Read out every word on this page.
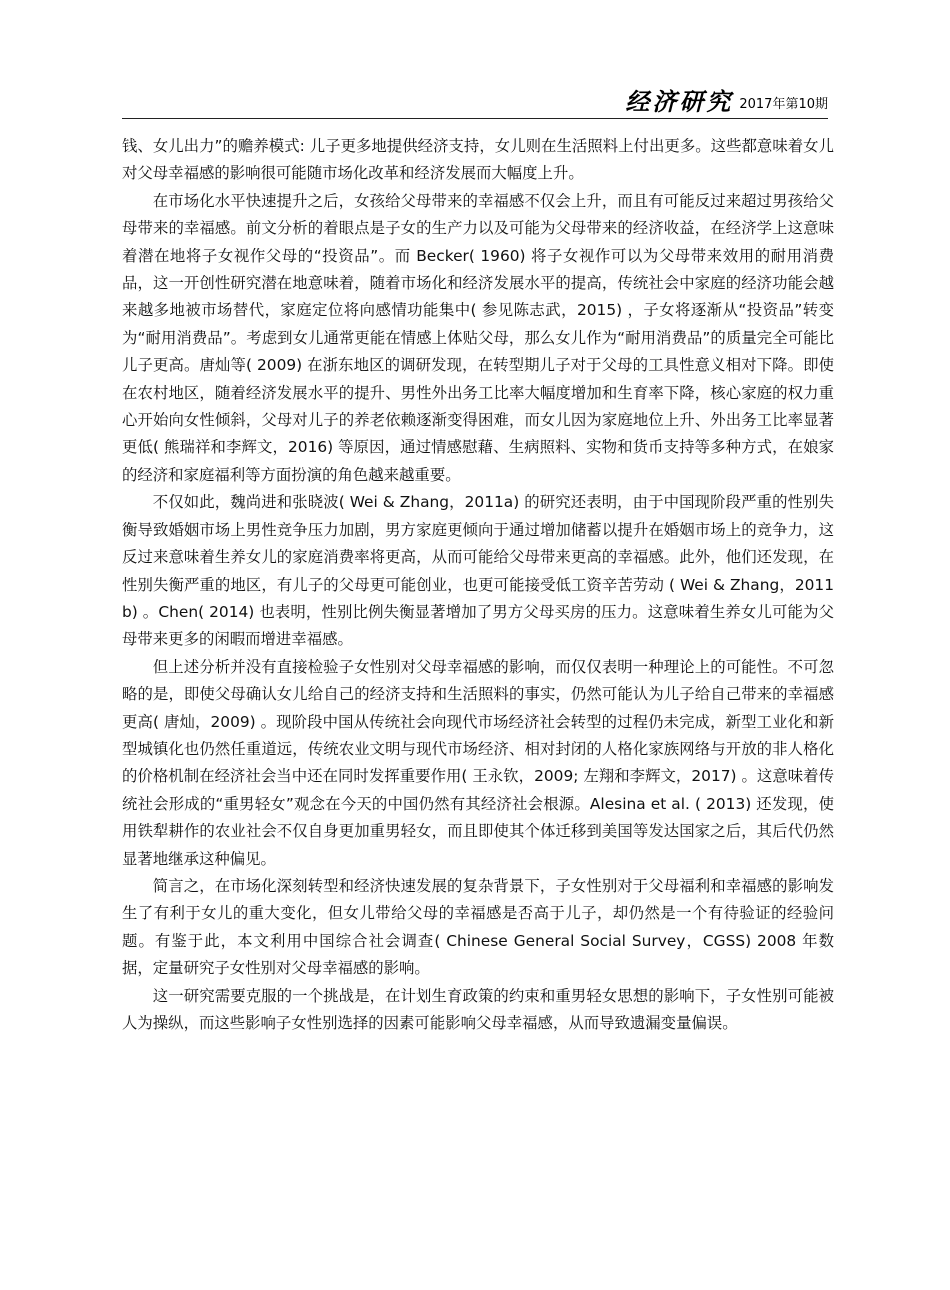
经济研究 2017年第10期

钱、女儿出力”的赡养模式: 儿子更多地提供经济支持，女儿则在生活照料上付出更多。这些都意味着女儿对父母幸福感的影响很可能随市场化改革和经济发展而大幅度上升。

在市场化水平快速提升之后，女孩给父母带来的幸福感不仅会上升，而且有可能反过来超过男孩给父母带来的幸福感。前文分析的着眼点是子女的生产力以及可能为父母带来的经济收益，在经济学上这意味着潜在地将子女视作父母的“投资品”。而 Becker( 1960) 将子女视作可以为父母带来效用的耐用消费品，这一开创性研究潜在地意味着，随着市场化和经济发展水平的提高，传统社会中家庭的经济功能会越来越多地被市场替代，家庭定位将向感情功能集中( 参见陈志武，2015) ，子女将逐渐从“投资品”转变为“耐用消费品”。考虑到女儿通常更能在情感上体贴父母，那么女儿作为“耐用消费品”的质量完全可能比儿子更高。唐灿等( 2009) 在浙东地区的调研发现，在转型期儿子对于父母的工具性意义相对下降。即使在农村地区，随着经济发展水平的提升、男性外出务工比率大幅度增加和生育率下降，核心家庭的权力重心开始向女性倾斜，父母对儿子的养老依赖逐渐变得困难，而女儿因为家庭地位上升、外出务工比率显著更低( 熊瑞祥和李辉文，2016) 等原因，通过情感慰藉、生病照料、实物和货币支持等多种方式，在娘家的经济和家庭福利等方面扮演的角色越来越重要。

不仅如此，魏尚进和张晓波( Wei & Zhang，2011a) 的研究还表明，由于中国现阶段严重的性别失衡导致婚姻市场上男性竞争压力加剧，男方家庭更倾向于通过增加储蓄以提升在婚姻市场上的竞争力，这反过来意味着生养女儿的家庭消费率将更高，从而可能给父母带来更高的幸福感。此外，他们还发现，在性别失衡严重的地区，有儿子的父母更可能创业，也更可能接受低工资辛苦劳动 ( Wei & Zhang，2011b) 。Chen( 2014) 也表明，性别比例失衡显著增加了男方父母买房的压力。这意味着生养女儿可能为父母带来更多的闲暇而增进幸福感。

但上述分析并没有直接检验子女性别对父母幸福感的影响，而仅仅表明一种理论上的可能性。不可忽略的是，即使父母确认女儿给自己的经济支持和生活照料的事实，仍然可能认为儿子给自己带来的幸福感更高( 唐灿，2009) 。现阶段中国从传统社会向现代市场经济社会转型的过程仍未完成，新型工业化和新型城镇化也仍然任重道远，传统农业文明与现代市场经济、相对封闭的人格化家族网络与开放的非人格化的价格机制在经济社会当中还在同时发挥重要作用( 王永钦，2009; 左翔和李辉文，2017) 。这意味着传统社会形成的“重男轻女”观念在今天的中国仍然有其经济社会根源。Alesina et al. ( 2013) 还发现，使用铁犁耕作的农业社会不仅自身更加重男轻女，而且即使其个体迁移到美国等发达国家之后，其后代仍然显著地继承这种偏见。

简言之，在市场化深刻转型和经济快速发展的复杂背景下，子女性别对于父母福利和幸福感的影响发生了有利于女儿的重大变化，但女儿带给父母的幸福感是否高于儿子，却仍然是一个有待验证的经验问题。有鉴于此，本文利用中国综合社会调查( Chinese General Social Survey，CGSS) 2008 年数据，定量研究子女性别对父母幸福感的影响。

这一研究需要克服的一个挑战是，在计划生育政策的约束和重男轻女思想的影响下，子女性别可能被人为操纵，而这些影响子女性别选择的因素可能影响父母幸福感，从而导致遗漏变量偏误。
